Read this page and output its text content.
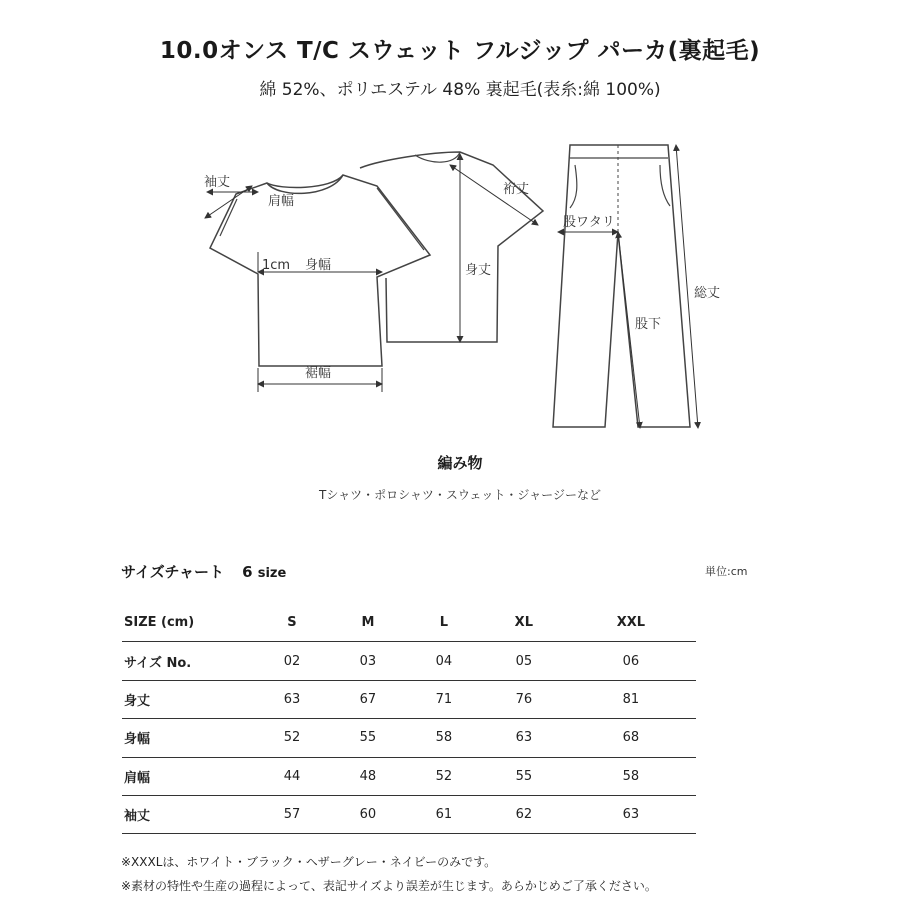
10.0オンス T/C スウェット フルジップ パーカ(裏起毛)
綿 52%、ポリエステル 48% 裏起毛(表糸:綿 100%)
袖丈
肩幅
1cm 身幅
裾幅
身丈
裄丈
股ワタリ
股下
総丈
編み物
Tシャツ・ポロシャツ・スウェット・ジャージーなど
サイズチャート 6 size	単位:cm
SIZE (cm)	S	M	L	XL	XXL
サイズ No.	02	03	04	05	06
身丈	63	67	71	76	81
身幅	52	55	58	63	68
肩幅	44	48	52	55	58
袖丈	57	60	61	62	63
※XXXLは、ホワイト・ブラック・ヘザーグレー・ネイビーのみです。
※素材の特性や生産の過程によって、表記サイズより誤差が生じます。あらかじめご了承ください。
